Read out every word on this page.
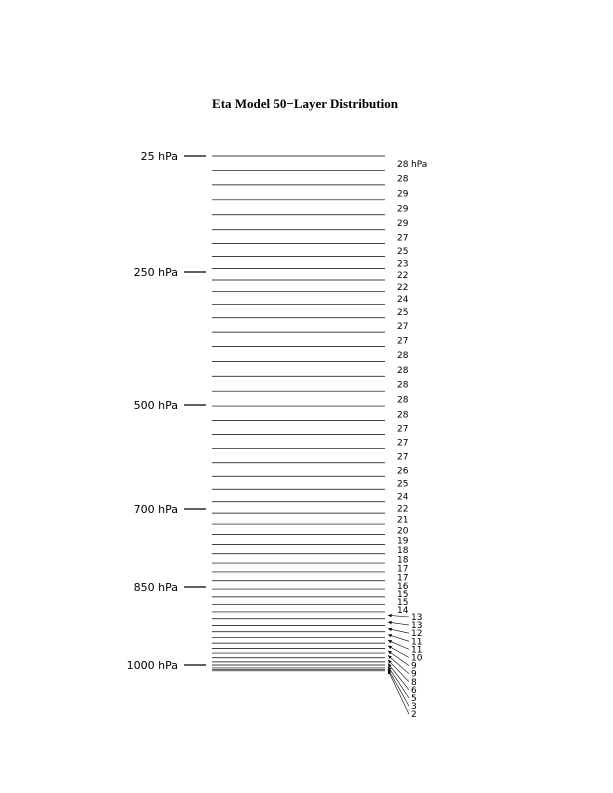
Eta Model 50−Layer Distribution
25 hPa
250 hPa
500 hPa
700 hPa
850 hPa
1000 hPa
28 hPa
28
29
29
29
27
25
23
22
22
24
25
27
27
28
28
28
28
28
27
27
27
26
25
24
22
21
20
19
18
18
17
17
16
15
15
14
13
13
12
11
11
10
9
9
8
6
5
3
2
